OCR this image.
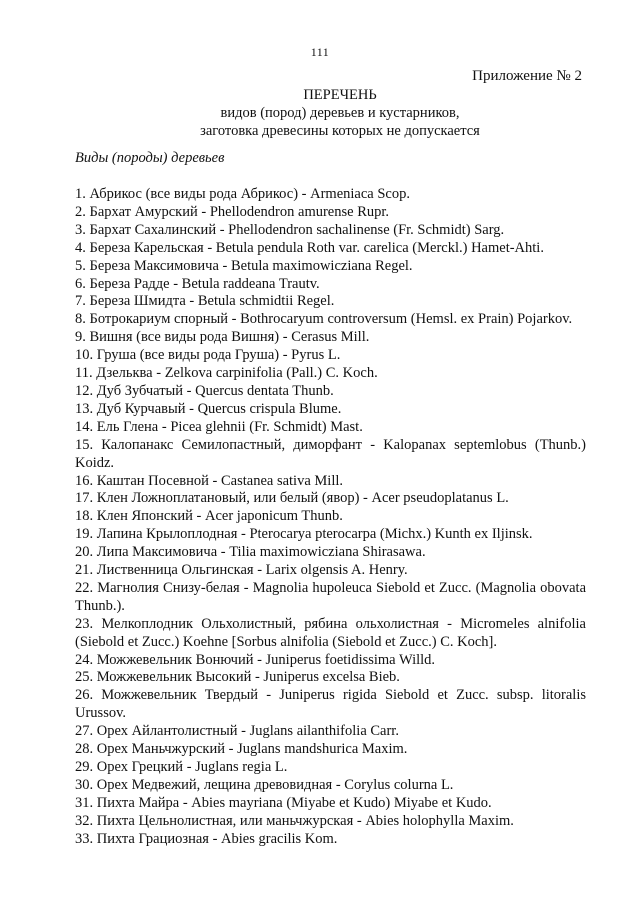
111
Приложение № 2
ПЕРЕЧЕНЬ
видов (пород) деревьев и кустарников,
заготовка древесины которых не допускается
Виды (породы) деревьев
1. Абрикос (все виды рода Абрикос) - Armeniaca Scop.
2. Бархат Амурский - Phellodendron amurense Rupr.
3. Бархат Сахалинский - Phellodendron sachalinense (Fr. Schmidt) Sarg.
4. Береза Карельская - Betula pendula Roth var. carelica (Merckl.) Hamet-Ahti.
5. Береза Максимовича - Betula maximowicziana Regel.
6. Береза Радде - Betula raddeana Trautv.
7. Береза Шмидта - Betula schmidtii Regel.
8. Ботрокариум спорный - Bothrocaryum controversum (Hemsl. ex Prain) Pojarkov.
9. Вишня (все виды рода Вишня) - Cerasus Mill.
10. Груша (все виды рода Груша) - Pyrus L.
11. Дзельква - Zelkova carpinifolia (Pall.) C. Koch.
12. Дуб Зубчатый - Quercus dentata Thunb.
13. Дуб Курчавый - Quercus crispula Blume.
14. Ель Глена - Picea glehnii (Fr. Schmidt) Mast.
15. Калопанакс Семилопастный, диморфант - Kalopanax septemlobus (Thunb.) Koidz.
16. Каштан Посевной - Castanea sativa Mill.
17. Клен Ложноплатановый, или белый (явор) - Acer pseudoplatanus L.
18. Клен Японский - Acer japonicum Thunb.
19. Лапина Крылоплодная - Pterocarya pterocarpa (Michx.) Kunth ex Iljinsk.
20. Липа Максимовича - Tilia maximowicziana Shirasawa.
21. Лиственница Ольгинская - Larix olgensis A. Henry.
22. Магнолия Снизу-белая - Magnolia hupoleuca Siebold et Zucc. (Magnolia obovata Thunb.).
23. Мелкоплодник Ольхолистный, рябина ольхолистная - Micromeles alnifolia (Siebold et Zucc.) Koehne [Sorbus alnifolia (Siebold et Zucc.) C. Koch].
24. Можжевельник Вонючий - Juniperus foetidissima Willd.
25. Можжевельник Высокий - Juniperus excelsa Bieb.
26. Можжевельник Твердый - Juniperus rigida Siebold et Zucc. subsp. litoralis Urussov.
27. Орех Айлантолистный - Juglans ailanthifolia Carr.
28. Орех Маньчжурский - Juglans mandshurica Maxim.
29. Орех Грецкий - Juglans regia L.
30. Орех Медвежий, лещина древовидная - Corylus colurna L.
31. Пихта Майра - Abies mayriana (Miyabe et Kudo) Miyabe et Kudo.
32. Пихта Цельнолистная, или маньчжурская - Abies holophylla Maxim.
33. Пихта Грациозная - Abies gracilis Kom.
